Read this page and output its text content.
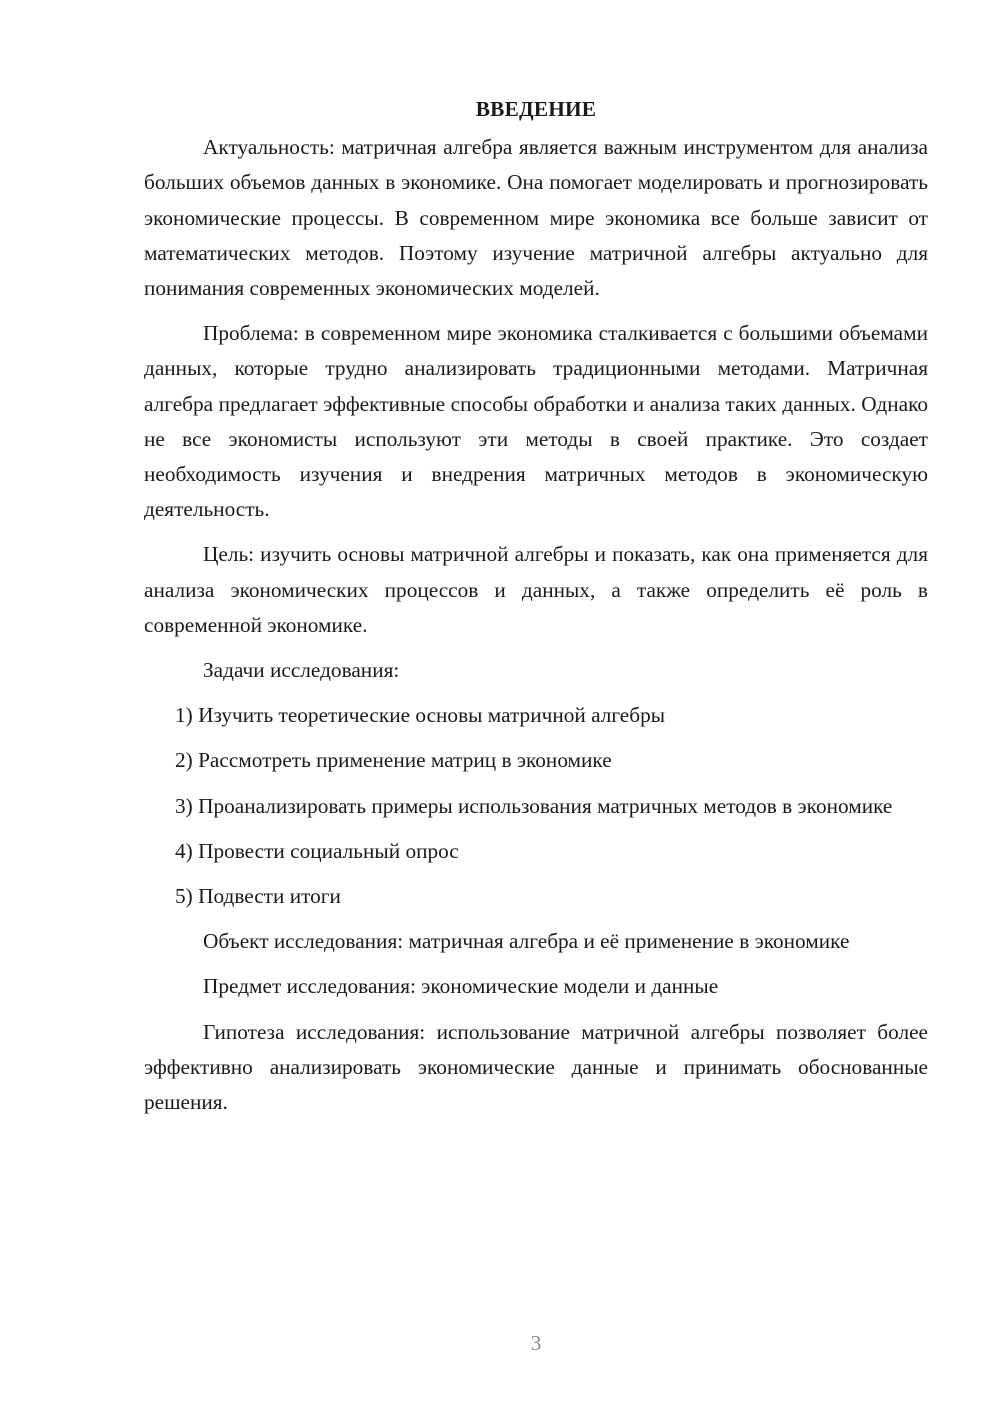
ВВЕДЕНИЕ

Актуальность: матричная алгебра является важным инструментом для анализа больших объемов данных в экономике. Она помогает моделировать и прогнозировать экономические процессы. В современном мире экономика все больше зависит от математических методов. Поэтому изучение матричной алгебры актуально для понимания современных экономических моделей.

Проблема: в современном мире экономика сталкивается с большими объемами данных, которые трудно анализировать традиционными методами. Матричная алгебра предлагает эффективные способы обработки и анализа таких данных. Однако не все экономисты используют эти методы в своей практике. Это создает необходимость изучения и внедрения матричных методов в экономическую деятельность.

Цель: изучить основы матричной алгебры и показать, как она применяется для анализа экономических процессов и данных, а также определить её роль в современной экономике.

Задачи исследования:

1) Изучить теоретические основы матричной алгебры

2) Рассмотреть применение матриц в экономике

3) Проанализировать примеры использования матричных методов в экономике

4) Провести социальный опрос

5) Подвести итоги

Объект исследования: матричная алгебра и её применение в экономике

Предмет исследования: экономические модели и данные

Гипотеза исследования: использование матричной алгебры позволяет более эффективно анализировать экономические данные и принимать обоснованные решения.

3
